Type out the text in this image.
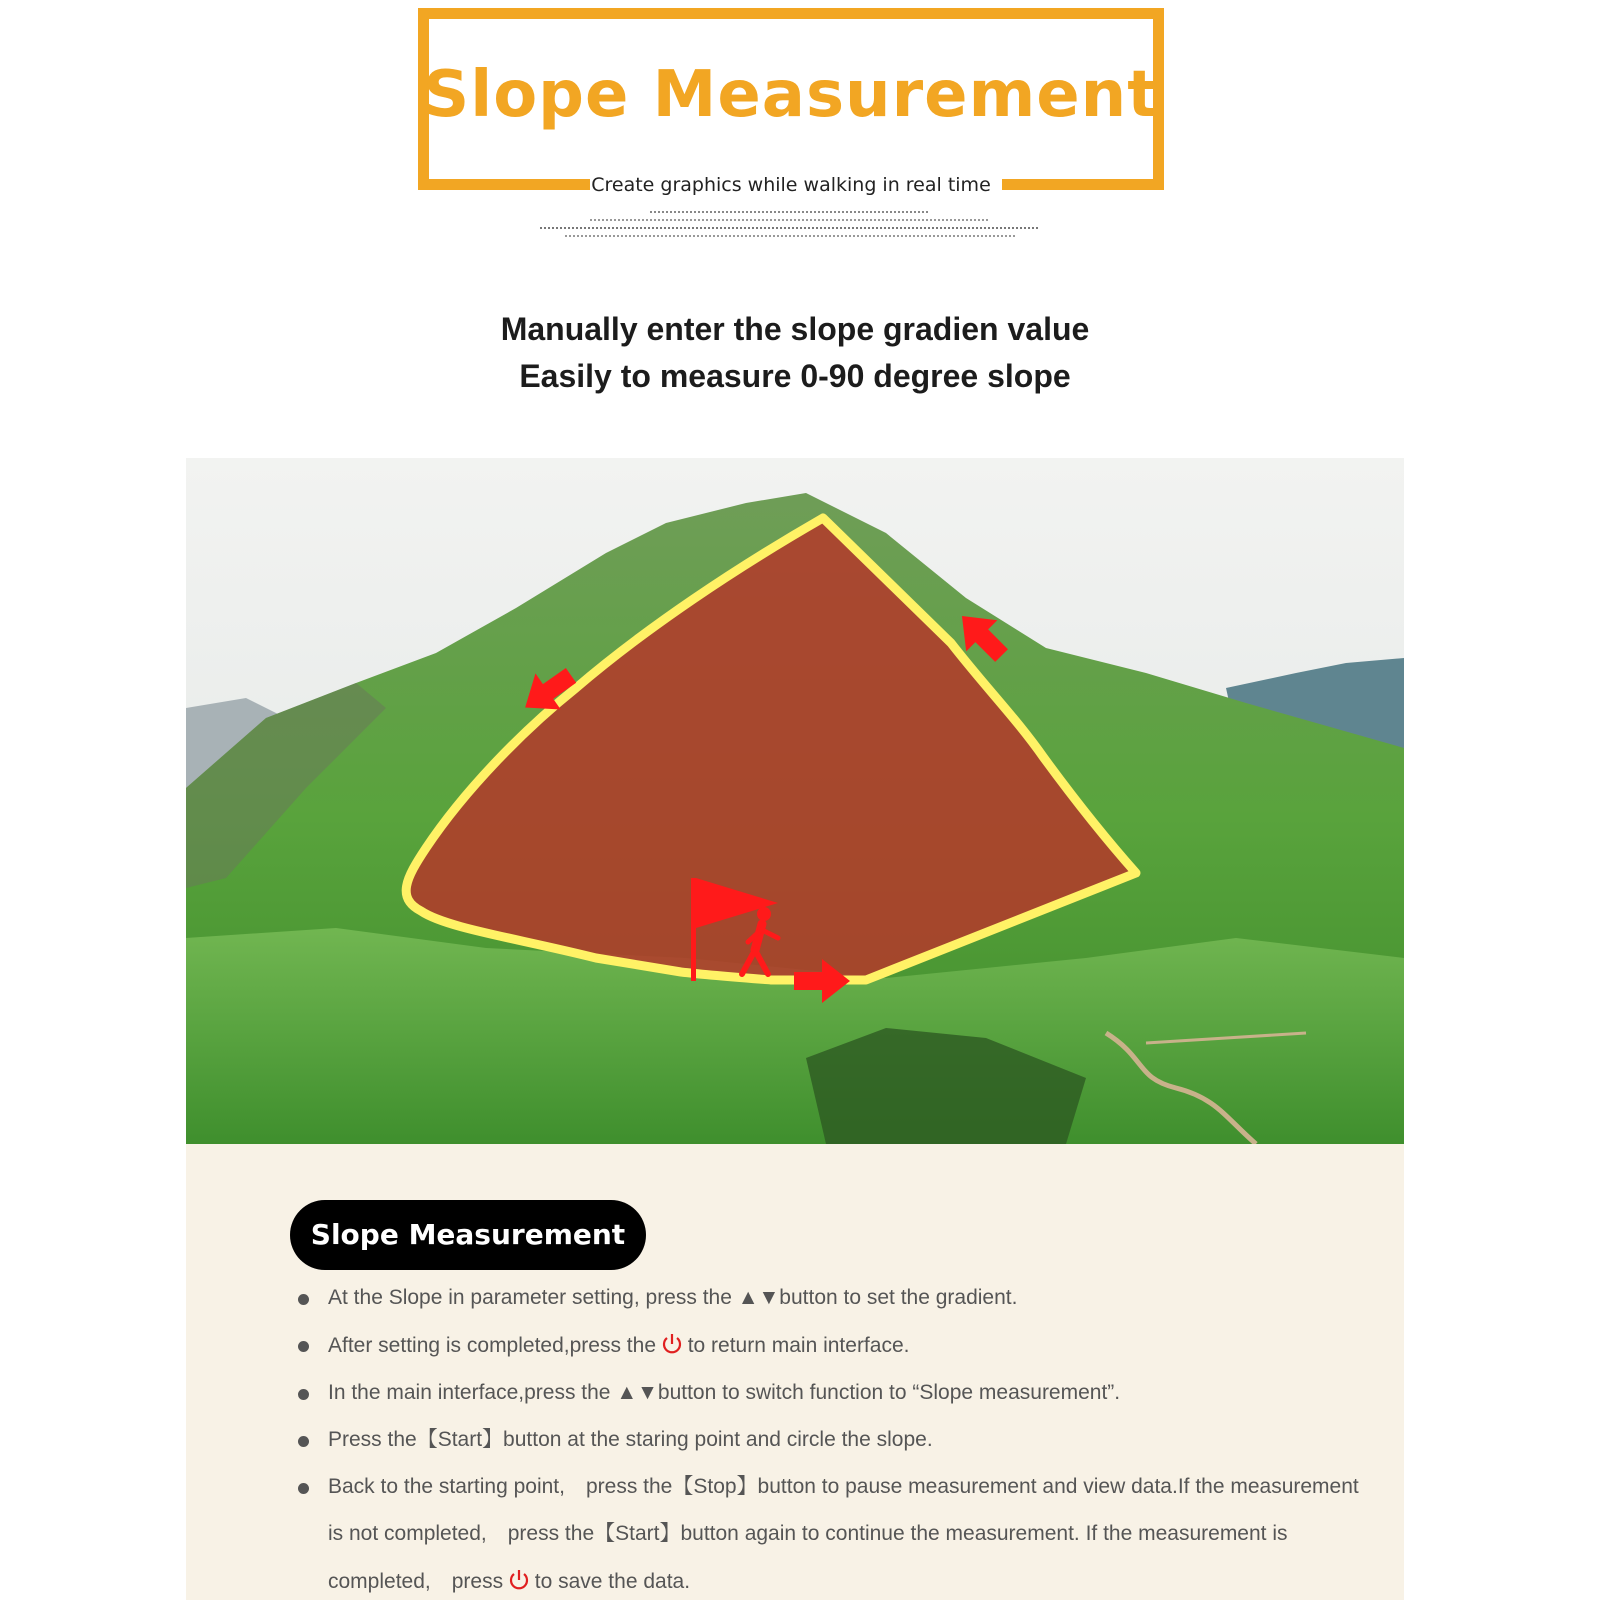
Slope Measurement
Create graphics while walking in real time
Manually enter the slope gradien value
Easily to measure 0-90 degree slope
Slope Measurement
At the Slope in parameter setting, press the ▲▼button to set the gradient.
After setting is completed,press the to return main interface.
In the main interface,press the ▲▼button to switch function to “Slope measurement”.
Press the【Start】button at the staring point and circle the slope.
Back to the starting point,　press the【Stop】button to pause measurement and view data.If the measurement is not completed,　press the【Start】button again to continue the measurement. If the measurement is completed,　press to save the data.
